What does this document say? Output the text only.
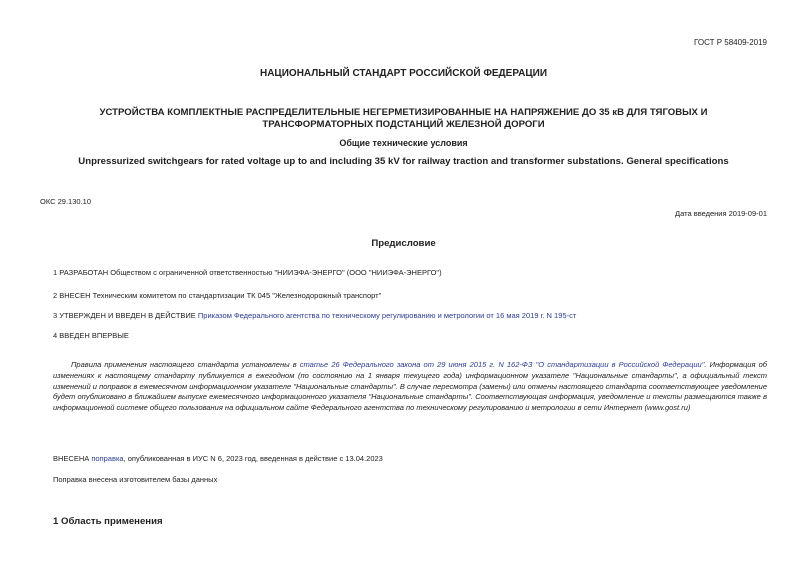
ГОСТ Р 58409-2019
НАЦИОНАЛЬНЫЙ СТАНДАРТ РОССИЙСКОЙ ФЕДЕРАЦИИ
УСТРОЙСТВА КОМПЛЕКТНЫЕ РАСПРЕДЕЛИТЕЛЬНЫЕ НЕГЕРМЕТИЗИРОВАННЫЕ НА НАПРЯЖЕНИЕ ДО 35 кВ ДЛЯ ТЯГОВЫХ И ТРАНСФОРМАТОРНЫХ ПОДСТАНЦИЙ ЖЕЛЕЗНОЙ ДОРОГИ
Общие технические условия
Unpressurized switchgears for rated voltage up to and including 35 kV for railway traction and transformer substations. General specifications
ОКС 29.130.10
Дата введения 2019-09-01
Предисловие
1 РАЗРАБОТАН Обществом с ограниченной ответственностью "НИИЭФА-ЭНЕРГО" (ООО "НИИЭФА-ЭНЕРГО")
2 ВНЕСЕН Техническим комитетом по стандартизации ТК 045 "Железнодорожный транспорт"
3 УТВЕРЖДЕН И ВВЕДЕН В ДЕЙСТВИЕ Приказом Федерального агентства по техническому регулированию и метрологии от 16 мая 2019 г. N 195-ст
4 ВВЕДЕН ВПЕРВЫЕ
Правила применения настоящего стандарта установлены в статье 26 Федерального закона от 29 июня 2015 г. N 162-ФЗ "О стандартизации в Российской Федерации". Информация об изменениях к настоящему стандарту публикуется в ежегодном (по состоянию на 1 января текущего года) информационном указателе "Национальные стандарты", а официальный текст изменений и поправок в ежемесячном информационном указателе "Национальные стандарты". В случае пересмотра (замены) или отмены настоящего стандарта соответствующее уведомление будет опубликовано в ближайшем выпуске ежемесячного информационного указателя "Национальные стандарты". Соответствующая информация, уведомление и тексты размещаются также в информационной системе общего пользования на официальном сайте Федерального агентства по техническому регулированию и метрологии в сети Интернет (www.gost.ru)
ВНЕСЕНА поправка, опубликованная в ИУС N 6, 2023 год, введенная в действие с 13.04.2023
Поправка внесена изготовителем базы данных
1 Область применения
